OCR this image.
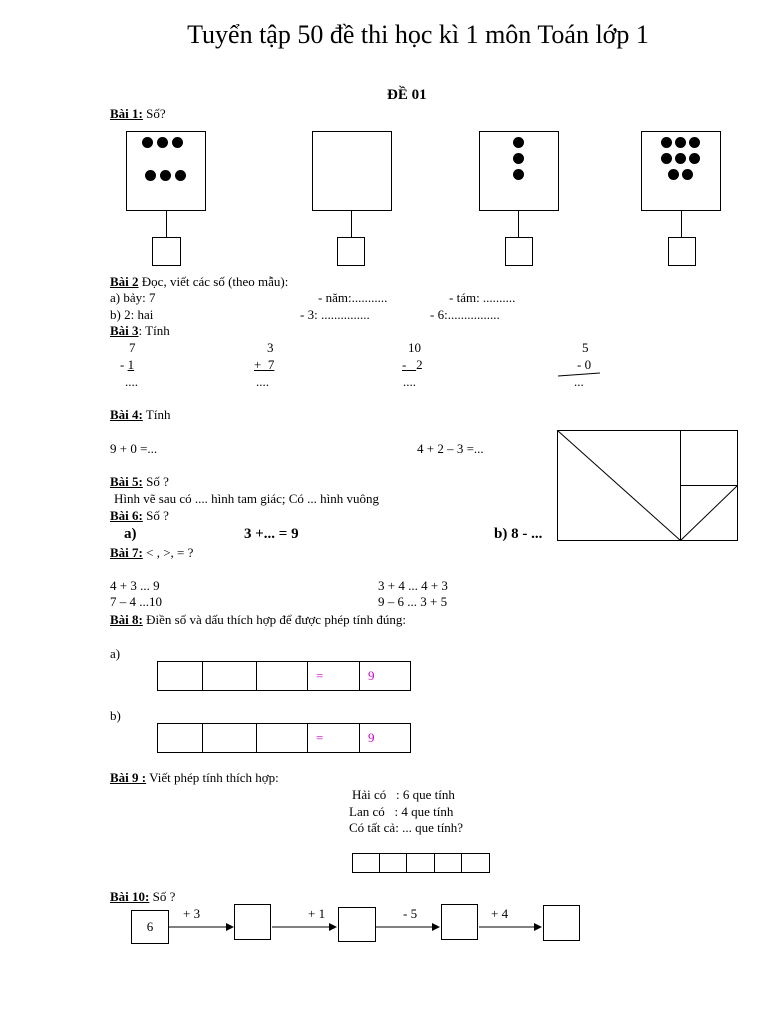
Tuyển tập 50 đề thi học kì 1 môn Toán lớp 1
ĐỀ 01
Bài 1: Số?
Bài 2 Đọc, viết các số (theo mẫu):
a) bảy: 7	- năm:...........	- tám: ..........
b) 2: hai	- 3: ...............	- 6:................
Bài 3: Tính
7
- 1
....
3
+ 7
....
10
- 2
....
5
- 0
...
Bài 4: Tính
9 + 0 =...	4 + 2 – 3 =...
Bài 5: Số ?
Hình vẽ sau có .... hình tam giác; Có ... hình vuông
Bài 6: Số ?
a)	3 +... = 9	b) 8 - ...
Bài 7: < , >, = ?
4 + 3 ... 9	3 + 4 ... 4 + 3
7 – 4 ...10	9 – 6 ... 3 + 5
Bài 8: Điền số và dấu thích hợp để được phép tính đúng:
a)
=	9
b)
=	9
Bài 9 : Viết phép tính thích hợp:
Hải có   : 6 que tính
Lan có   : 4 que tính
Có tất cả: ... que tính?
Bài 10: Số ?
6
+ 3	+ 1	- 5	+ 4
